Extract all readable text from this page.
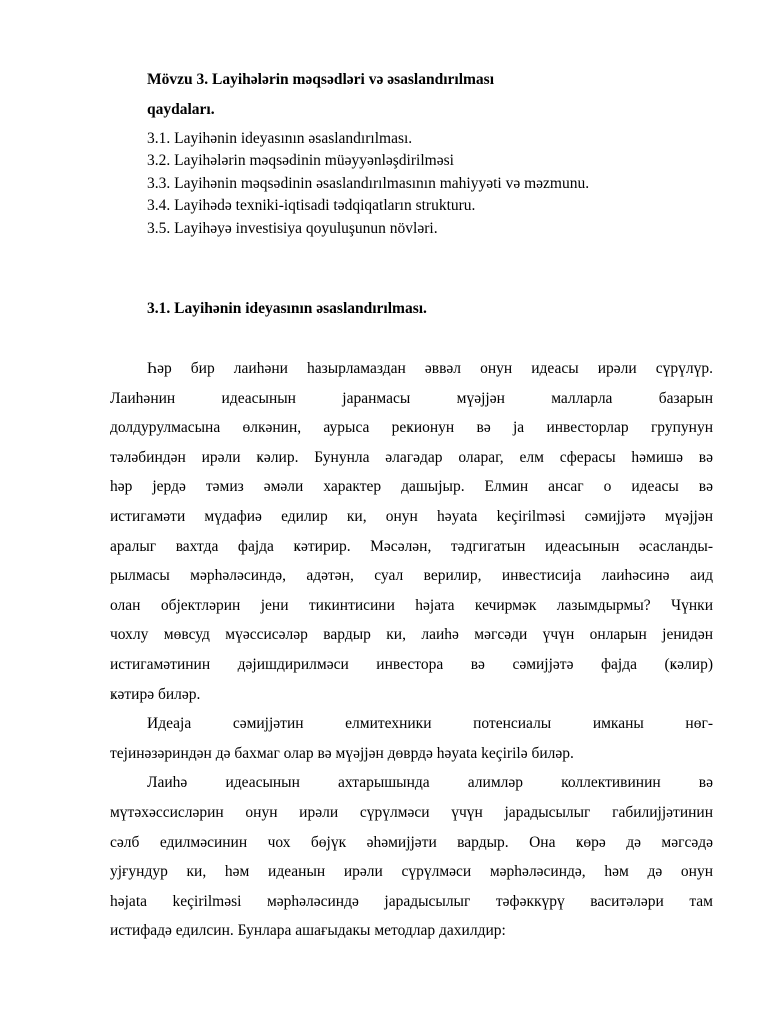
Mövzu 3. Layihələrin məqsədləri və əsaslandırılması
qaydaları.
3.1. Layihənin ideyasının əsaslandırılması.
3.2. Layihələrin məqsədinin müəyyənləşdirilməsi
3.3. Layihənin məqsədinin əsaslandırılmasının mahiyyəti və məzmunu.
3.4. Layihədə texniki-iqtisadi tədqiqatların strukturu.
3.5. Layihəyə investisiya qoyuluşunun növləri.
3.1. Layihənin ideyasının əsaslandırılması.
Һәр бир лаиһәни һазырламаздан әввәл онун идеасы ирәли сүрүлүр.
Лаиһәнин идеасынын јаранмасы мүәјјән малларла базарын
долдурулмасына өлкәнин, аурыса реҝионун вә ја инвесторлар групунун
тәләбиндән ирәли ҝәлир. Бунунла әлагәдар олараг, елм сферасы һәмишә вә
һәр јердә тәмиз әмәли характер дашыјыр. Елмин ансаг о идеасы вә
истигамәти мүдафиә едилир ки, онун həyata keçirilməsi cəмијјәтә мүәјјән
аралыг вахтда фајда ҝәтирир. Мәсәлән, тәдгигатын идеасынын әсасланды-
рылмасы мәрһәләсиндә, адәтән, суал верилир, инвестисија лаиһәсинә аид
олан објектләрин јени тикинтисини һәјата кечирмәк лазымдырмы? Чүнки
чохлу мөвсуд мүәссисәләр вардыр ки, лаиһә мәгсәди үчүн онларын јенидән
истигамәтинин дәјишдирилмәси инвестора вә сәмијјәтә фајда (ҝәлир)
ҝәтирә биләр.
Идеаја сәмијјәтин елмитехники потенсиалы имканы нөг-
тејинәзәриндән дә бахмаг олар вә мүәјјән дөврдә həyata keçirilə биләр.
Лаиһә идеасынын ахтарышында алимләр коллективинин вә
мүтәхәссисләрин онун ирәли сүрүлмәси үчүн јарадысылыг габилијјәтинин
сәлб едилмәсинин чох бөјүк әһәмијјәти вардыр. Она ҝөрә дә мәгсәдә
ујғундур ки, һәм идеанын ирәли сүрүлмәси мәрһәләсиндә, һәм дә онун
һәjata keçirilməsi мәрһәләсиндә јарадысылыг тәфәккүрү васитәләри там
истифадә едилсин. Бунлара ашағыдакы методлар дахилдир:
